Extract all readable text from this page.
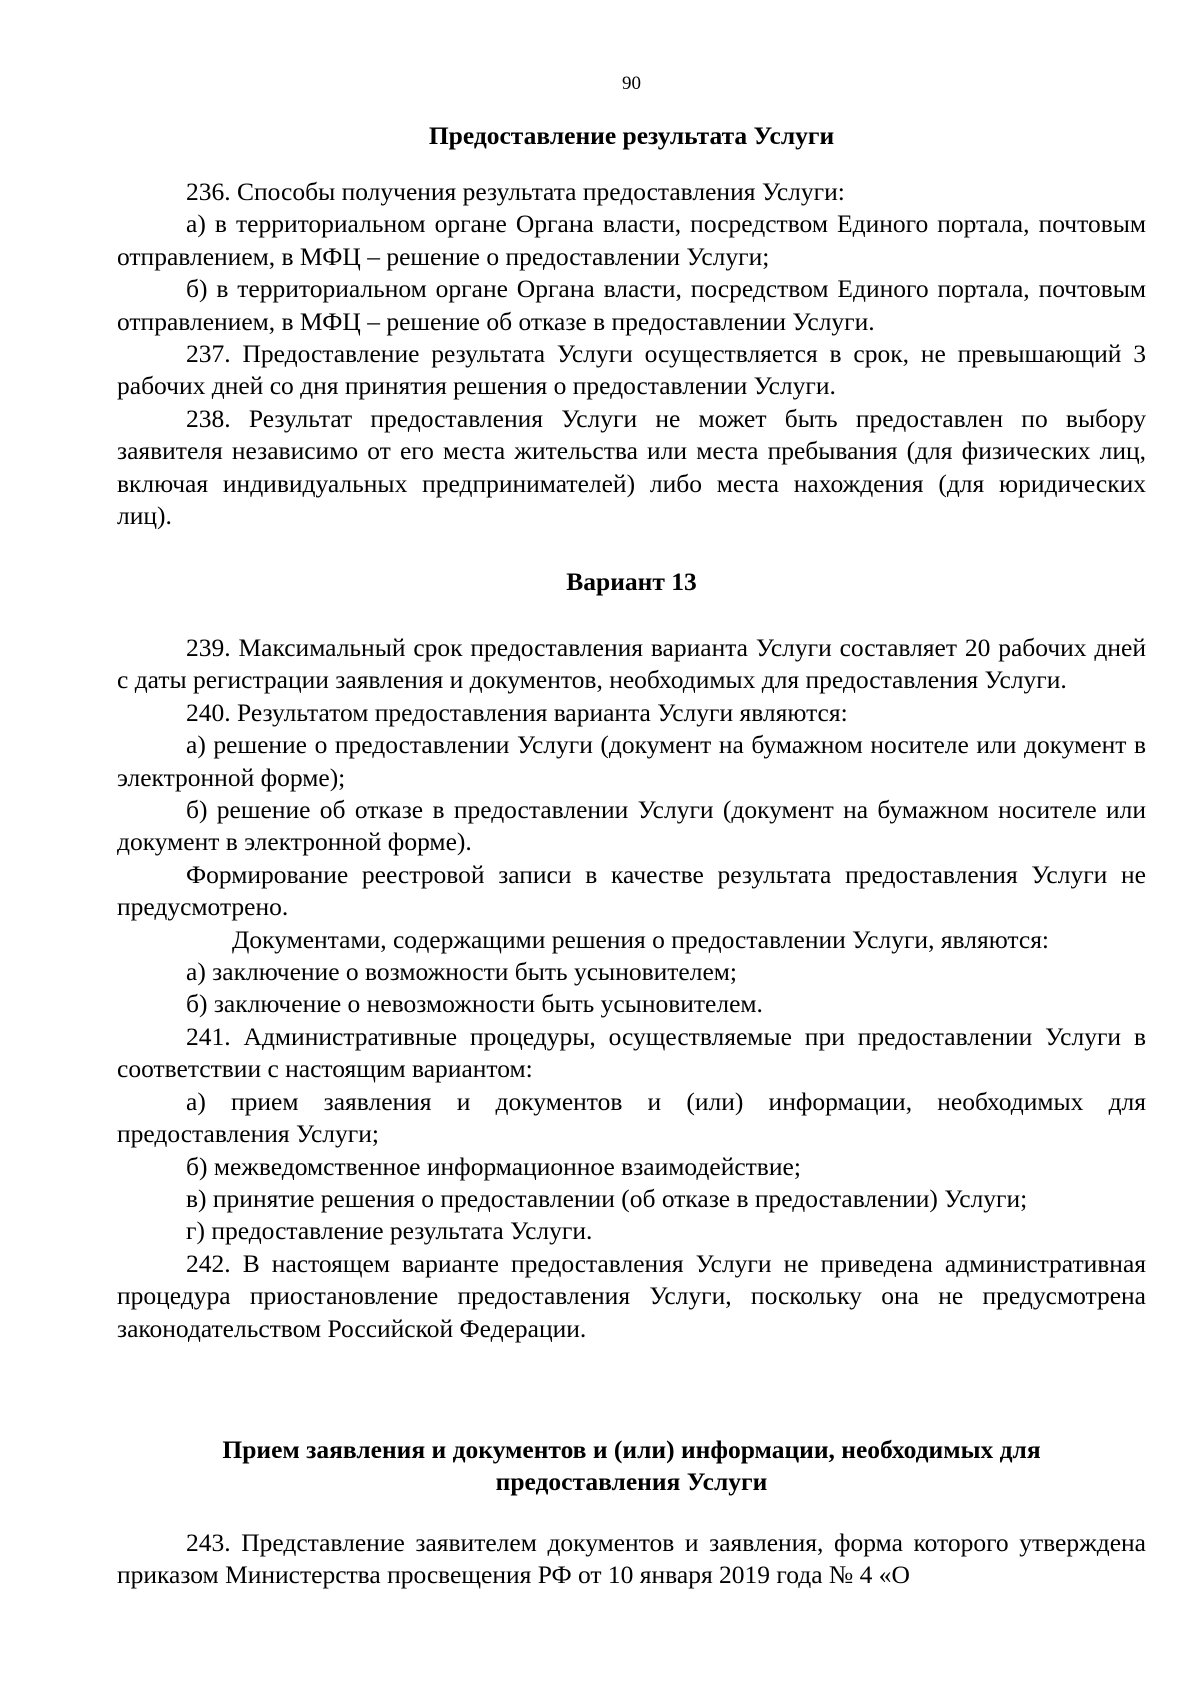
90
Предоставление результата Услуги

236. Способы получения результата предоставления Услуги:

а) в территориальном органе Органа власти, посредством Единого портала, почтовым отправлением, в МФЦ – решение о предоставлении Услуги;

б) в территориальном органе Органа власти, посредством Единого портала, почтовым отправлением, в МФЦ – решение об отказе в предоставлении Услуги.

237. Предоставление результата Услуги осуществляется в срок, не превышающий 3 рабочих дней со дня принятия решения о предоставлении Услуги.

238. Результат предоставления Услуги не может быть предоставлен по выбору заявителя независимо от его места жительства или места пребывания (для физических лиц, включая индивидуальных предпринимателей) либо места нахождения (для юридических лиц).

Вариант 13

239. Максимальный срок предоставления варианта Услуги составляет 20 рабочих дней с даты регистрации заявления и документов, необходимых для предоставления Услуги.

240. Результатом предоставления варианта Услуги являются:

а) решение о предоставлении Услуги (документ на бумажном носителе или документ в электронной форме);

б) решение об отказе в предоставлении Услуги (документ на бумажном носителе или документ в электронной форме).

Формирование реестровой записи в качестве результата предоставления Услуги не предусмотрено.

Документами, содержащими решения о предоставлении Услуги, являются:

а) заключение о возможности быть усыновителем;

б) заключение о невозможности быть усыновителем.

241. Административные процедуры, осуществляемые при предоставлении Услуги в соответствии с настоящим вариантом:

а) прием заявления и документов и (или) информации, необходимых для предоставления Услуги;

б) межведомственное информационное взаимодействие;

в) принятие решения о предоставлении (об отказе в предоставлении) Услуги;

г) предоставление результата Услуги.

242. В настоящем варианте предоставления Услуги не приведена административная процедура приостановление предоставления Услуги, поскольку она не предусмотрена законодательством Российской Федерации.

Прием заявления и документов и (или) информации, необходимых для
предоставления Услуги

243. Представление заявителем документов и заявления, форма которого утверждена приказом Министерства просвещения РФ от 10 января 2019 года № 4 «О
